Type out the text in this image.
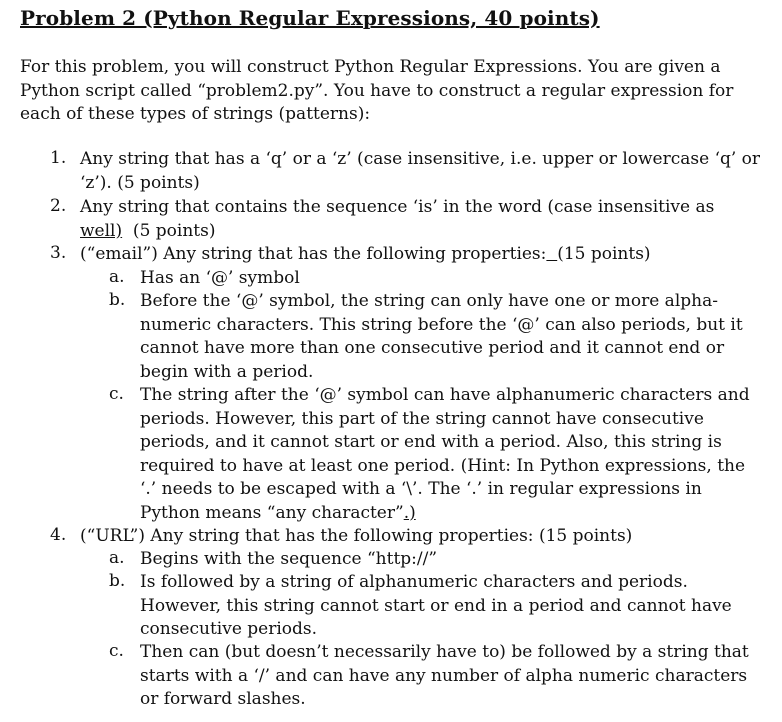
Problem 2 (Python Regular Expressions, 40 points)
For this problem, you will construct Python Regular Expressions. You are given a
Python script called “problem2.py”. You have to construct a regular expression for
each of these types of strings (patterns):
1. Any string that has a ‘q’ or a ‘z’ (case insensitive, i.e. upper or lowercase ‘q’ or
‘z’). (5 points)
2. Any string that contains the sequence ‘is’ in the word (case insensitive as
well)  (5 points)
3. (“email”) Any string that has the following properties: (15 points)
a. Has an ‘@’ symbol
b. Before the ‘@’ symbol, the string can only have one or more alpha-
numeric characters. This string before the ‘@’ can also periods, but it
cannot have more than one consecutive period and it cannot end or
begin with a period.
c. The string after the ‘@’ symbol can have alphanumeric characters and
periods. However, this part of the string cannot have consecutive
periods, and it cannot start or end with a period. Also, this string is
required to have at least one period. (Hint: In Python expressions, the
‘.’ needs to be escaped with a ‘\’. The ‘.’ in regular expressions in
Python means “any character”.)
4. (“URL”) Any string that has the following properties: (15 points)
a. Begins with the sequence “http://”
b. Is followed by a string of alphanumeric characters and periods.
However, this string cannot start or end in a period and cannot have
consecutive periods.
c. Then can (but doesn’t necessarily have to) be followed by a string that
starts with a ‘/’ and can have any number of alpha numeric characters
or forward slashes.
